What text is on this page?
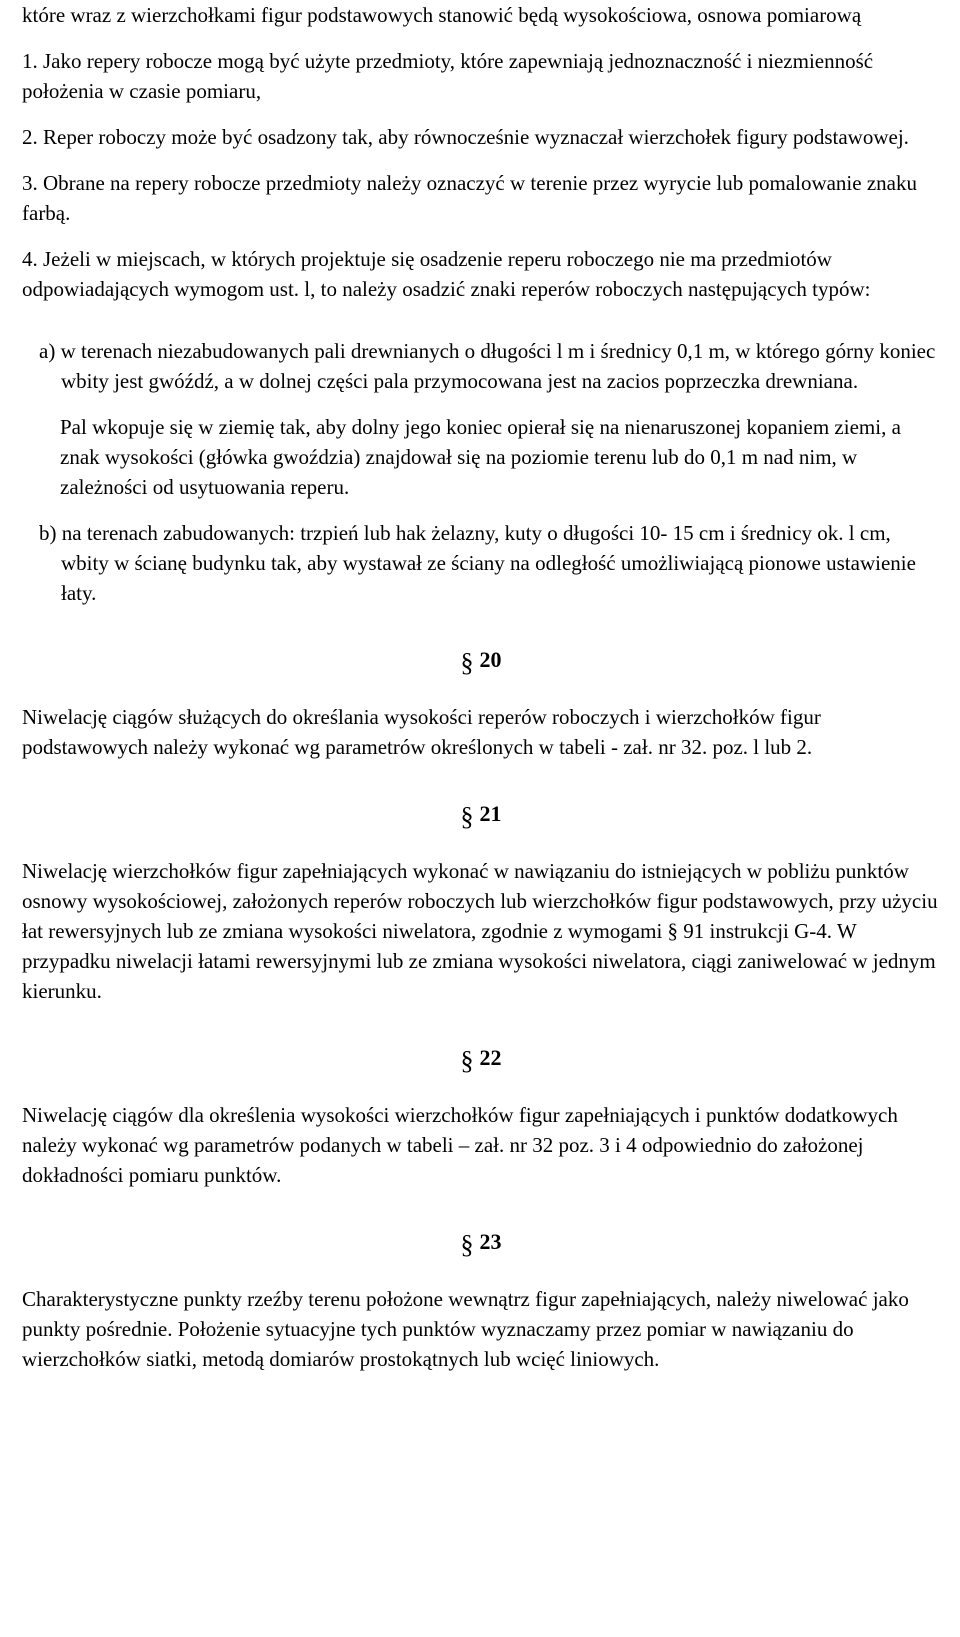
które wraz z wierzchołkami figur podstawowych stanowić będą wysokościowa, osnowa pomiarową

1. Jako repery robocze mogą być użyte przedmioty, które zapewniają jednoznaczność i niezmienność położenia w czasie pomiaru,

2. Reper roboczy może być osadzony tak, aby równocześnie wyznaczał wierzchołek figury podstawowej.

3. Obrane na repery robocze przedmioty należy oznaczyć w terenie przez wyrycie lub pomalowanie znaku farbą.

4. Jeżeli w miejscach, w których projektuje się osadzenie reperu roboczego nie ma przedmiotów odpowiadających wymogom ust. l, to należy osadzić znaki reperów roboczych następujących typów:

a) w terenach niezabudowanych pali drewnianych o długości l m i średnicy 0,1 m, w którego górny koniec wbity jest gwóźdź, a w dolnej części pala przymocowana jest na zacios poprzeczka drewniana.

Pal wkopuje się w ziemię tak, aby dolny jego koniec opierał się na nienaruszonej kopaniem ziemi, a znak wysokości (główka gwoździa) znajdował się na poziomie terenu lub do 0,1 m nad nim, w zależności od usytuowania reperu.

b) na terenach zabudowanych: trzpień lub hak żelazny, kuty o długości 10- 15 cm i średnicy ok. l cm, wbity w ścianę budynku tak, aby wystawał ze ściany na odległość umożliwiającą pionowe ustawienie łaty.

§ 20

Niwelację ciągów służących do określania wysokości reperów roboczych i wierzchołków figur podstawowych należy wykonać wg parametrów określonych w tabeli - zał. nr 32. poz. l lub 2.

§ 21

Niwelację wierzchołków figur zapełniających wykonać w nawiązaniu do istniejących w pobliżu punktów osnowy wysokościowej, założonych reperów roboczych lub wierzchołków figur podstawowych, przy użyciu łat rewersyjnych lub ze zmiana wysokości niwelatora, zgodnie z wymogami § 91 instrukcji G-4. W przypadku niwelacji łatami rewersyjnymi lub ze zmiana wysokości niwelatora, ciągi zaniwelować w jednym kierunku.

§ 22

Niwelację ciągów dla określenia wysokości wierzchołków figur zapełniających i punktów dodatkowych należy wykonać wg parametrów podanych w tabeli – zał. nr 32 poz. 3 i 4 odpowiednio do założonej dokładności pomiaru punktów.

§ 23

Charakterystyczne punkty rzeźby terenu położone wewnątrz figur zapełniających, należy niwelować jako punkty pośrednie. Położenie sytuacyjne tych punktów wyznaczamy przez pomiar w nawiązaniu do wierzchołków siatki, metodą domiarów prostokątnych lub wcięć liniowych.
